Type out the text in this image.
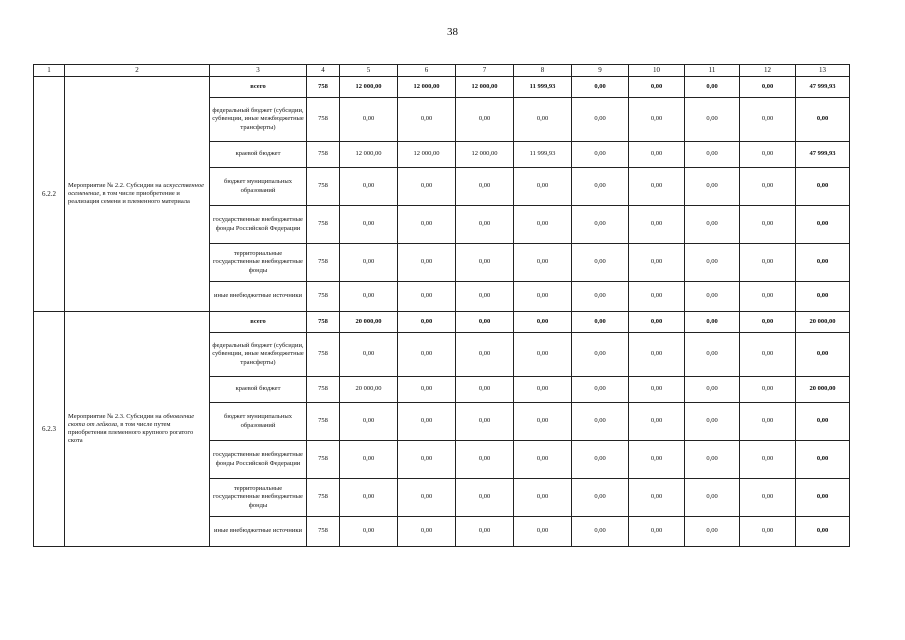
38
1	2	3	4	5	6	7	8	9	10	11	12	13
6.2.2	Мероприятие № 2.2. Субсидии на искусственное осеменение, в том числе приобретение и реализация семени и племенного материала	всего	758	12 000,00	12 000,00	12 000,00	11 999,93	0,00	0,00	0,00	0,00	47 999,93
		федеральный бюджет (субсидии, субвенции, иные межбюджетные трансферты)	758	0,00	0,00	0,00	0,00	0,00	0,00	0,00	0,00	0,00
		краевой бюджет	758	12 000,00	12 000,00	12 000,00	11 999,93	0,00	0,00	0,00	0,00	47 999,93
		бюджет муниципальных образований	758	0,00	0,00	0,00	0,00	0,00	0,00	0,00	0,00	0,00
		государственные внебюджетные фонды Российской Федерации	758	0,00	0,00	0,00	0,00	0,00	0,00	0,00	0,00	0,00
		территориальные государственные внебюджетные фонды	758	0,00	0,00	0,00	0,00	0,00	0,00	0,00	0,00	0,00
		иные внебюджетные источники	758	0,00	0,00	0,00	0,00	0,00	0,00	0,00	0,00	0,00
6.2.3	Мероприятие № 2.3. Субсидии на обновление скота от лейкоза, в том числе путем приобретения племенного крупного рогатого скота	всего	758	20 000,00	0,00	0,00	0,00	0,00	0,00	0,00	0,00	20 000,00
		федеральный бюджет (субсидии, субвенции, иные межбюджетные трансферты)	758	0,00	0,00	0,00	0,00	0,00	0,00	0,00	0,00	0,00
		краевой бюджет	758	20 000,00	0,00	0,00	0,00	0,00	0,00	0,00	0,00	20 000,00
		бюджет муниципальных образований	758	0,00	0,00	0,00	0,00	0,00	0,00	0,00	0,00	0,00
		государственные внебюджетные фонды Российской Федерации	758	0,00	0,00	0,00	0,00	0,00	0,00	0,00	0,00	0,00
		территориальные государственные внебюджетные фонды	758	0,00	0,00	0,00	0,00	0,00	0,00	0,00	0,00	0,00
		иные внебюджетные источники	758	0,00	0,00	0,00	0,00	0,00	0,00	0,00	0,00	0,00
